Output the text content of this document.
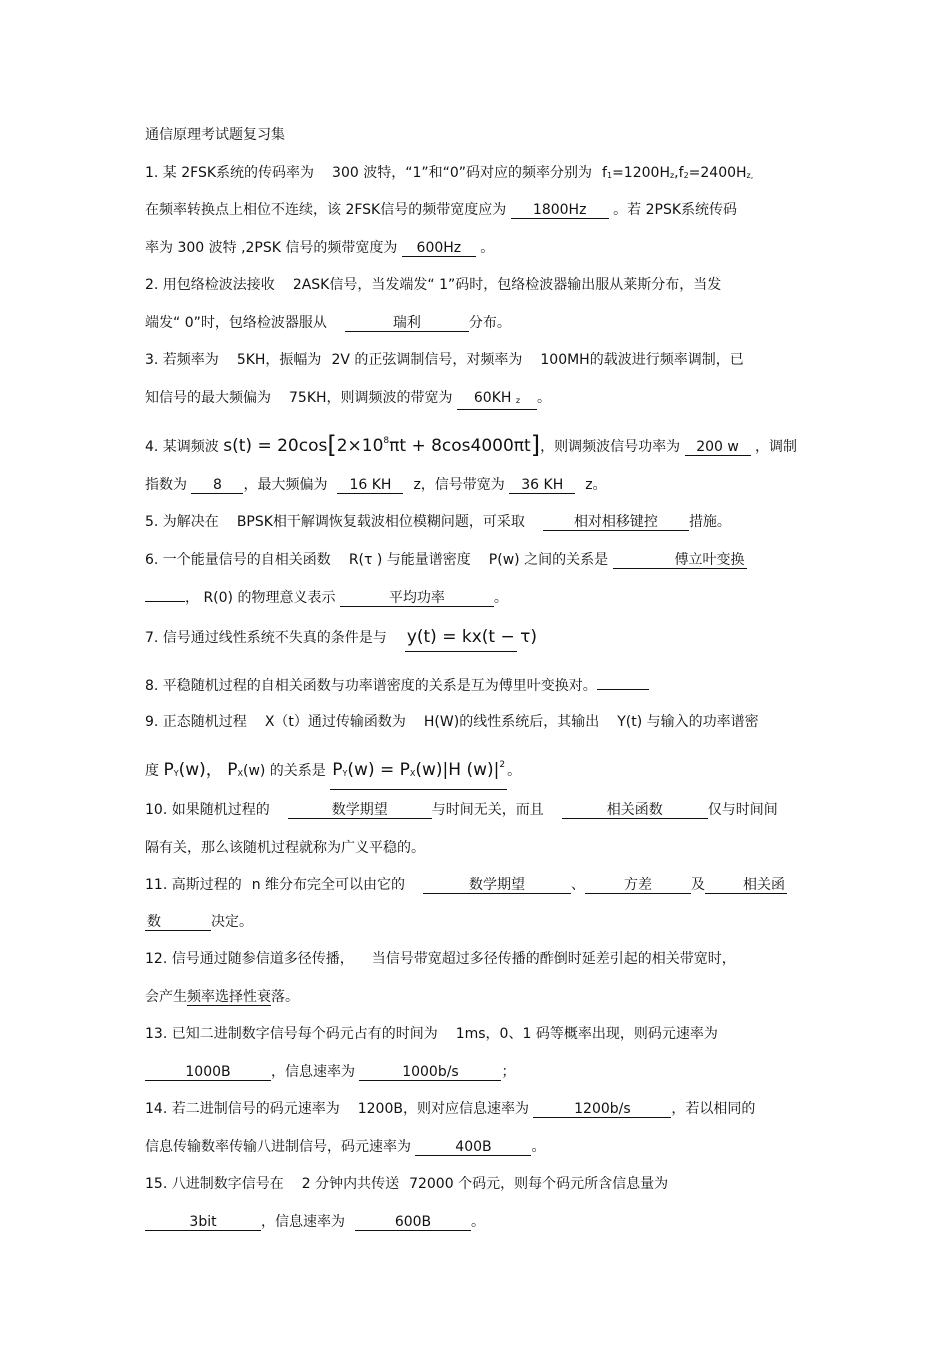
通信原理考试题复习集
1. 某 2FSK系统的传码率为 300 波特，“1”和“0”码对应的频率分别为 f1=1200Hz,f2=2400Hz,
在频率转换点上相位不连续，该 2FSK信号的频带宽度应为 1800Hz 。若 2PSK系统传码
率为 300 波特 ,2PSK 信号的频带宽度为 600Hz 。
2. 用包络检波法接收 2ASK信号，当发端发“ 1”码时，包络检波器输出服从莱斯分布，当发
端发“ 0”时，包络检波器服从	瑞利	分布。
3. 若频率为 5KH，振幅为 2V 的正弦调制信号，对频率为 100MH的载波进行频率调制，已
知信号的最大频偏为 75KH，则调频波的带宽为 60KH z 。
4. 某调频波 $s(t) = 20\cos[2\times 10^8\pi t + 8\cos 4000\pi t]$，则调频波信号功率为 200 w ，调制
指数为 8 ，最大频偏为 16 KH z，信号带宽为 36 KH z。
5. 为解决在 BPSK相干解调恢复载波相位模糊问题，可采取	相对相移键控 措施。
6. 一个能量信号的自相关函数 R(τ ) 与能量谱密度 P(w) 之间的关系是	傅立叶变换
， R(0) 的物理意义表示	平均功率	。
7. 信号通过线性系统不失真的条件是与 y(t) = kx(t − τ)
8. 平稳随机过程的自相关函数与功率谱密度的关系是互为傅里叶变换对。
9. 正态随机过程 X（t）通过传输函数为 H(W)的线性系统后，其输出 Y(t) 与输入的功率谱密
度 PY(w)， PX(w) 的关系是 PY(w) = PX(w)|H $(w)|^2$ 。
10. 如果随机过程的	数学期望	与时间无关，而且	相关函数	仅与时间间
隔有关，那么该随机过程就称为广义平稳的。
11. 高斯过程的 n 维分布完全可以由它的	数学期望	、	方差	及	相关函
数	决定。
12. 信号通过随参信道多径传播， 当信号带宽超过多径传播的酢倒时延差引起的相关带宽时，
会产生频率选择性衰落。
13. 已知二进制数字信号每个码元占有的时间为 1ms，0、1 码等概率出现，则码元速率为
1000B	，信息速率为	1000b/s	；
14. 若二进制信号的码元速率为 1200B，则对应信息速率为	1200b/s	，若以相同的
信息传输数率传输八进制信号，码元速率为	400B	。
15. 八进制数字信号在 2 分钟内共传送 72000 个码元，则每个码元所含信息量为
3bit	，信息速率为	600B	。
